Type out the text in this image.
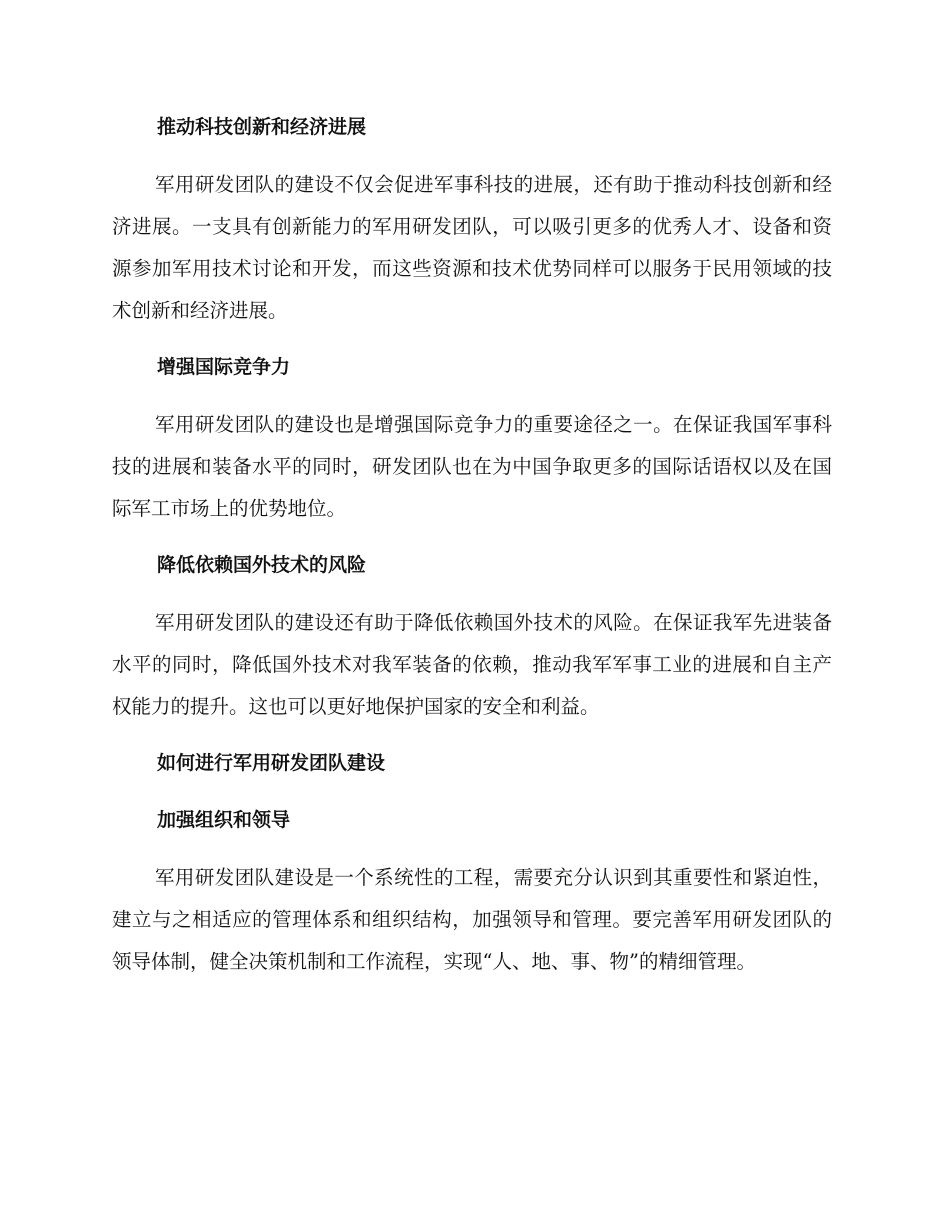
推动科技创新和经济进展

军用研发团队的建设不仅会促进军事科技的进展，还有助于推动科技创新和经济进展。一支具有创新能力的军用研发团队，可以吸引更多的优秀人才、设备和资源参加军用技术讨论和开发，而这些资源和技术优势同样可以服务于民用领域的技术创新和经济进展。

增强国际竞争力

军用研发团队的建设也是增强国际竞争力的重要途径之一。在保证我国军事科技的进展和装备水平的同时，研发团队也在为中国争取更多的国际话语权以及在国际军工市场上的优势地位。

降低依赖国外技术的风险

军用研发团队的建设还有助于降低依赖国外技术的风险。在保证我军先进装备水平的同时，降低国外技术对我军装备的依赖，推动我军军事工业的进展和自主产权能力的提升。这也可以更好地保护国家的安全和利益。

如何进行军用研发团队建设
加强组织和领导

军用研发团队建设是一个系统性的工程，需要充分认识到其重要性和紧迫性，建立与之相适应的管理体系和组织结构，加强领导和管理。要完善军用研发团队的领导体制，健全决策机制和工作流程，实现“人、地、事、物”的精细管理。
